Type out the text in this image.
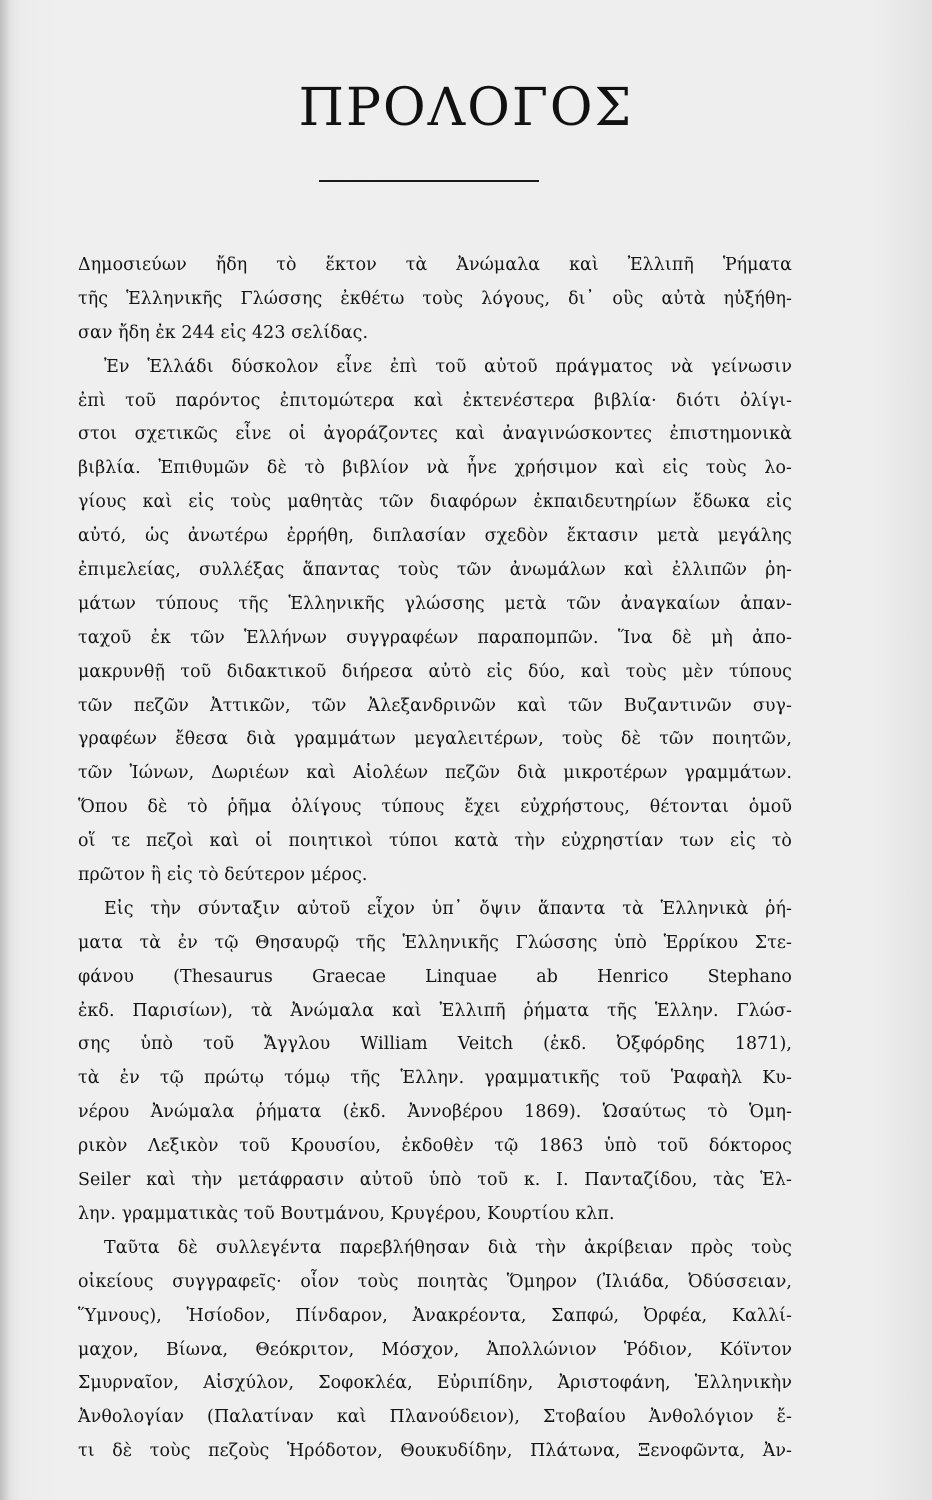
ΠΡΟΛΟΓΟΣ
Δημοσιεύων ἤδη τὸ ἕκτον τὰ Ἀνώμαλα καὶ Ἐλλιπῆ Ῥήματα
τῆς Ἑλληνικῆς Γλώσσης ἐκθέτω τοὺς λόγους, δι᾽ οὓς αὐτὰ ηὐξήθη-
σαν ἤδη ἐκ 244 εἰς 423 σελίδας.
Ἐν Ἑλλάδι δύσκολον εἶνε ἐπὶ τοῦ αὐτοῦ πράγματος νὰ γείνωσιν
ἐπὶ τοῦ παρόντος ἐπιτομώτερα καὶ ἐκτενέστερα βιβλία· διότι ὀλίγι-
στοι σχετικῶς εἶνε οἱ ἀγοράζοντες καὶ ἀναγινώσκοντες ἐπιστημονικὰ
βιβλία. Ἐπιθυμῶν δὲ τὸ βιβλίον νὰ ἦνε χρήσιμον καὶ εἰς τοὺς λο-
γίους καὶ εἰς τοὺς μαθητὰς τῶν διαφόρων ἐκπαιδευτηρίων ἔδωκα εἰς
αὐτό, ὡς ἀνωτέρω ἐρρήθη, διπλασίαν σχεδὸν ἔκτασιν μετὰ μεγάλης
ἐπιμελείας, συλλέξας ἅπαντας τοὺς τῶν ἀνωμάλων καὶ ἐλλιπῶν ῥη-
μάτων τύπους τῆς Ἑλληνικῆς γλώσσης μετὰ τῶν ἀναγκαίων ἀπαν-
ταχοῦ ἐκ τῶν Ἑλλήνων συγγραφέων παραπομπῶν. Ἵνα δὲ μὴ ἀπο-
μακρυνθῇ τοῦ διδακτικοῦ διήρεσα αὐτὸ εἰς δύο, καὶ τοὺς μὲν τύπους
τῶν πεζῶν Ἀττικῶν, τῶν Ἀλεξανδρινῶν καὶ τῶν Βυζαντινῶν συγ-
γραφέων ἔθεσα διὰ γραμμάτων μεγαλειτέρων, τοὺς δὲ τῶν ποιητῶν,
τῶν Ἰώνων, Δωριέων καὶ Αἰολέων πεζῶν διὰ μικροτέρων γραμμάτων.
Ὅπου δὲ τὸ ῥῆμα ὀλίγους τύπους ἔχει εὐχρήστους, θέτονται ὁμοῦ
οἵ τε πεζοὶ καὶ οἱ ποιητικοὶ τύποι κατὰ τὴν εὐχρηστίαν των εἰς τὸ
πρῶτον ἢ εἰς τὸ δεύτερον μέρος.
Εἰς τὴν σύνταξιν αὐτοῦ εἶχον ὑπ᾽ ὄψιν ἅπαντα τὰ Ἑλληνικὰ ῥή-
ματα τὰ ἐν τῷ Θησαυρῷ τῆς Ἑλληνικῆς Γλώσσης ὑπὸ Ἑρρίκου Στε-
φάνου (Thesaurus Graecae Linquae ab Henrico Stephano
ἐκδ. Παρισίων), τὰ Ἀνώμαλα καὶ Ἐλλιπῆ ῥήματα τῆς Ἑλλην. Γλώσ-
σης ὑπὸ τοῦ Ἄγγλου William Veitch (ἐκδ. Ὀξφόρδης 1871),
τὰ ἐν τῷ πρώτῳ τόμῳ τῆς Ἑλλην. γραμματικῆς τοῦ Ῥαφαὴλ Κυ-
νέρου Ἀνώμαλα ῥήματα (ἐκδ. Ἀννοβέρου 1869). Ὡσαύτως τὸ Ὁμη-
ρικὸν Λεξικὸν τοῦ Κρουσίου, ἐκδοθὲν τῷ 1863 ὑπὸ τοῦ δόκτορος
Seiler καὶ τὴν μετάφρασιν αὐτοῦ ὑπὸ τοῦ κ. Ι. Πανταζίδου, τὰς Ἑλ-
λην. γραμματικὰς τοῦ Βουτμάνου, Κρυγέρου, Κουρτίου κλπ.
Ταῦτα δὲ συλλεγέντα παρεβλήθησαν διὰ τὴν ἀκρίβειαν πρὸς τοὺς
οἰκείους συγγραφεῖς· οἷον τοὺς ποιητὰς Ὅμηρον (Ἰλιάδα, Ὀδύσσειαν,
Ὕμνους), Ἡσίοδον, Πίνδαρον, Ἀνακρέοντα, Σαπφώ, Ὀρφέα, Καλλί-
μαχον, Βίωνα, Θεόκριτον, Μόσχον, Ἀπολλώνιον Ῥόδιον, Κόϊντον
Σμυρναῖον, Αἰσχύλον, Σοφοκλέα, Εὐριπίδην, Ἀριστοφάνη, Ἑλληνικὴν
Ἀνθολογίαν (Παλατίναν καὶ Πλανούδειον), Στοβαίου Ἀνθολόγιον ἔ-
τι δὲ τοὺς πεζοὺς Ἡρόδοτον, Θουκυδίδην, Πλάτωνα, Ξενοφῶντα, Ἀν-
